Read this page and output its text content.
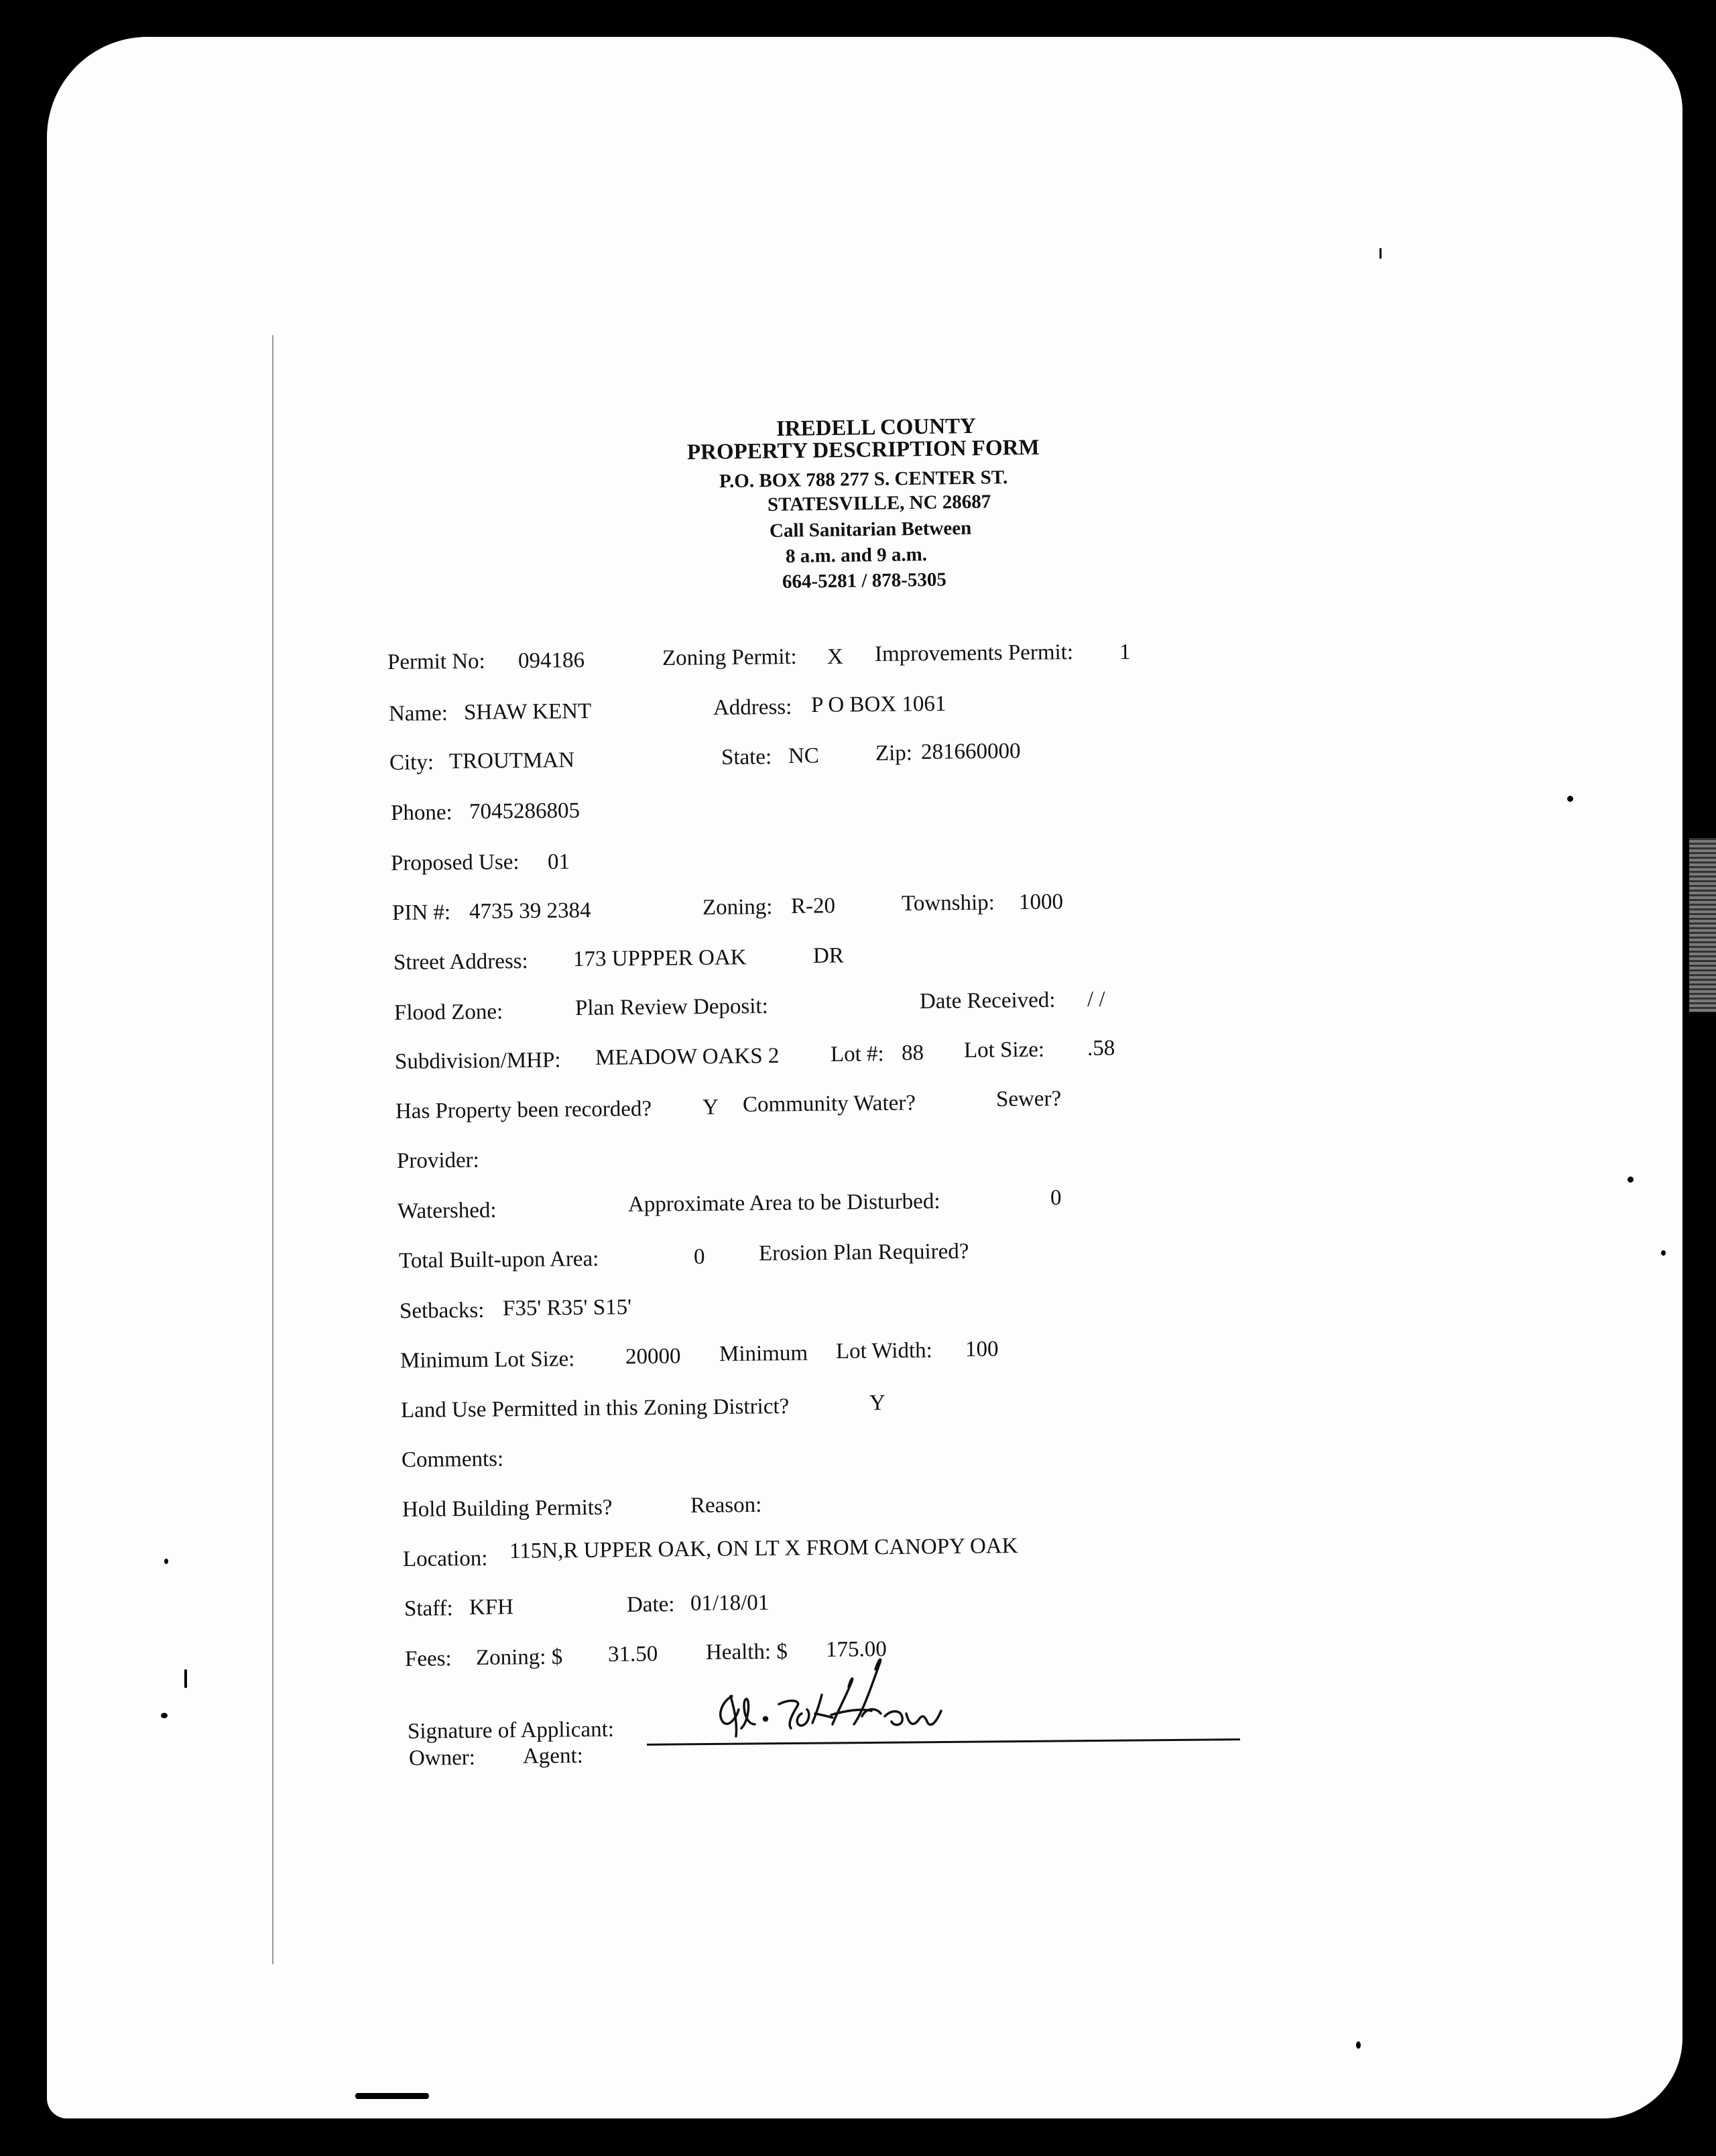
IREDELL COUNTY
PROPERTY DESCRIPTION FORM
P.O. BOX 788 277 S. CENTER ST.
STATESVILLE, NC 28687
Call Sanitarian Between
8 a.m. and 9 a.m.
664-5281 / 878-5305
Permit No: 094186	Zoning Permit: X Improvements Permit: 1
Name: SHAW KENT	Address: P O BOX 1061
City: TROUTMAN	State: NC	Zip: 281660000
Phone: 7045286805
Proposed Use: 01
PIN #: 4735 39 2384	Zoning: R-20	Township: 1000
Street Address: 173 UPPPER OAK	DR
Flood Zone:	Plan Review Deposit:	Date Received: / /
Subdivision/MHP: MEADOW OAKS 2 Lot #: 88 Lot Size: .58
Has Property been recorded? Y Community Water?	Sewer?
Provider:
Watershed:	Approximate Area to be Disturbed:	0
Total Built-upon Area:	0 Erosion Plan Required?
Setbacks: F35' R35' S15'
Minimum Lot Size: 20000 Minimum Lot Width: 100
Land Use Permitted in this Zoning District?	Y
Comments:
Hold Building Permits?	Reason:
Location: 115N,R UPPER OAK, ON LT X FROM CANOPY OAK
Staff: KFH	Date: 01/18/01
Fees: Zoning: $ 31.50 Health: $ 175.00
Signature of Applicant:
Owner: Agent:
